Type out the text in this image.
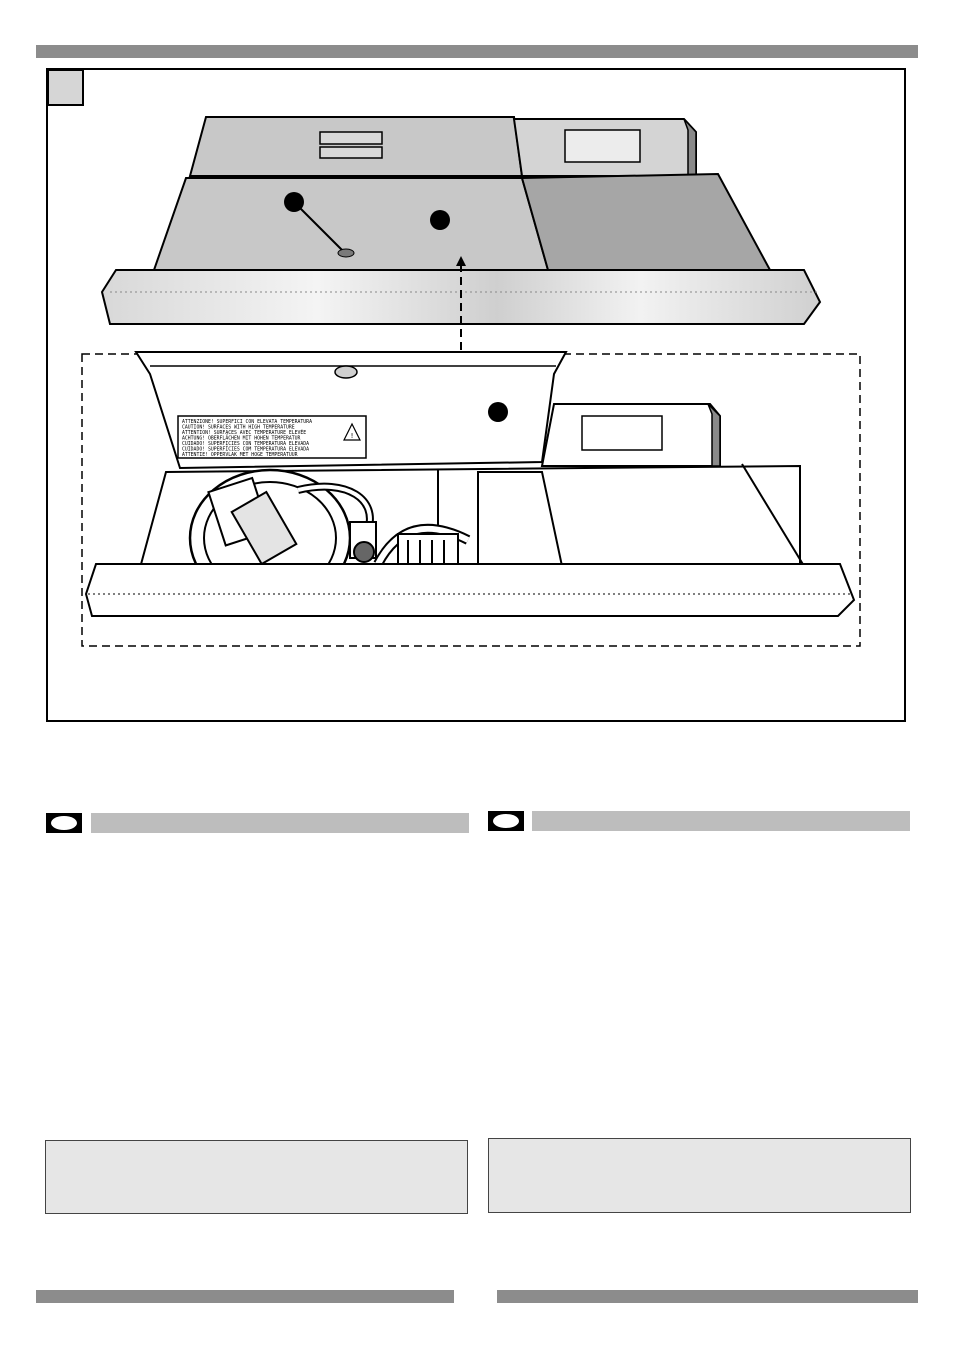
!
ATTENZIONE! SUPERFICI CON ELEVATA TEMPERATURA
CAUTION! SURFACES WITH HIGH TEMPERATURE
ATTENTION! SURFACES AVEC TEMPERATURE ELEVÉE
ACHTUNG! OBERFLÄCHEN MIT HOHEN TEMPERATUR
CUIDADO! SUPERFICIES CON TEMPERATURA ELEVADA
CUIDADO! SUPERFÍCIES COM TEMPERATURA ELEVADA
ATTENTIE! OPPERVLAK MET HOGE TEMPERATUUR
